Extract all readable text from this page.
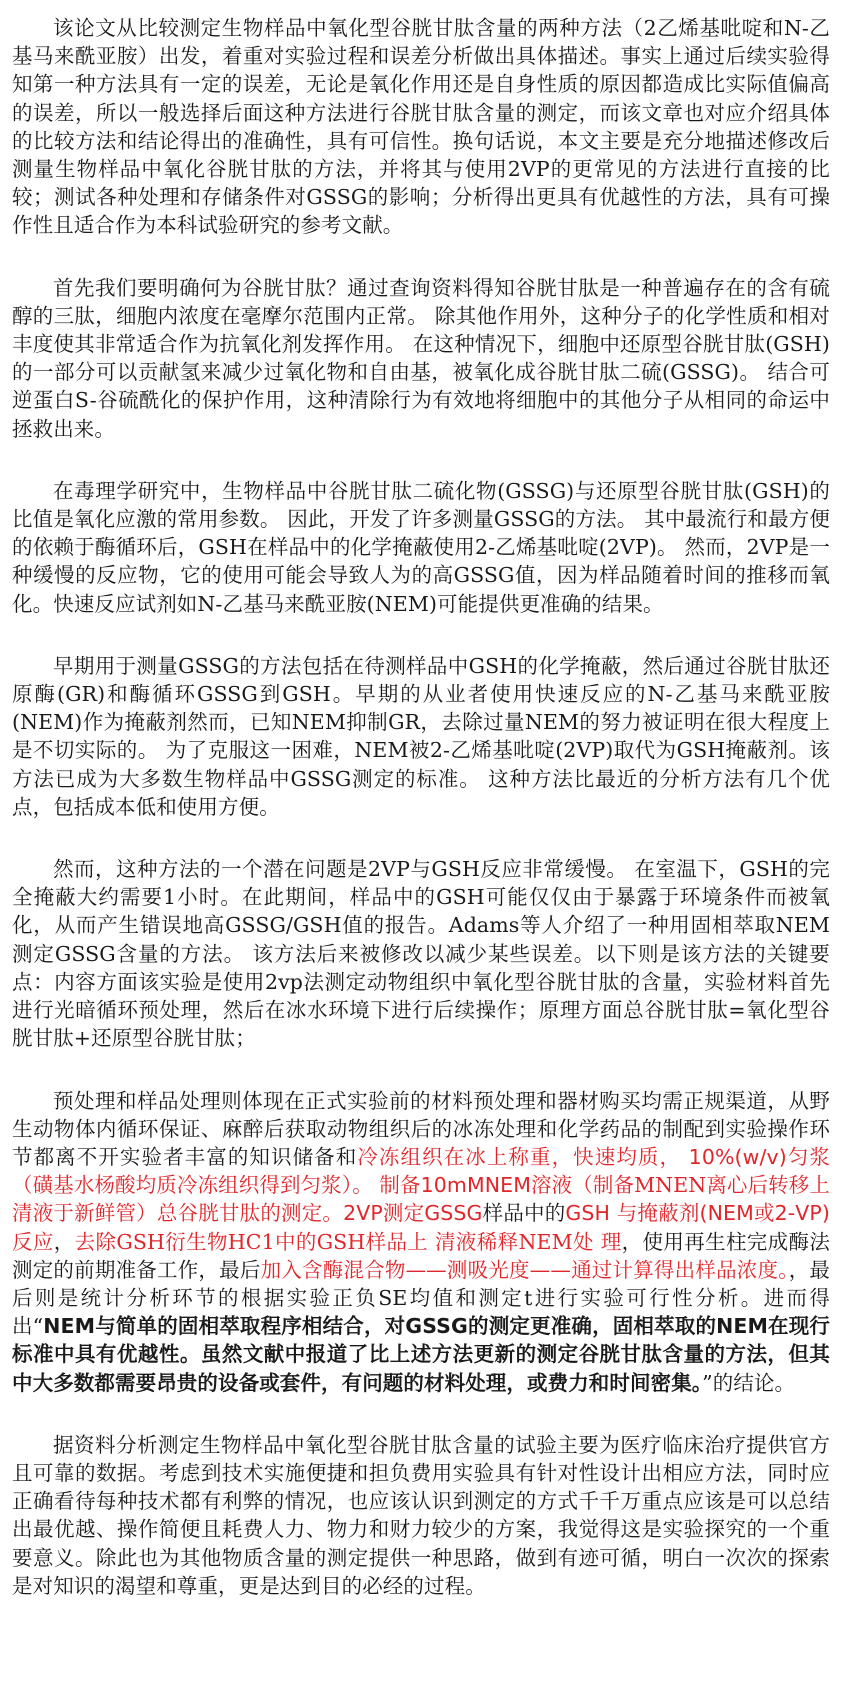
该论文从比较测定生物样品中氧化型谷胱甘肽含量的两种方法（2乙烯基吡啶和N-乙基马来酰亚胺）出发，着重对实验过程和误差分析做出具体描述。事实上通过后续实验得知第一种方法具有一定的误差，无论是氧化作用还是自身性质的原因都造成比实际值偏高的误差，所以一般选择后面这种方法进行谷胱甘肽含量的测定，而该文章也对应介绍具体的比较方法和结论得出的准确性，具有可信性。换句话说，本文主要是充分地描述修改后测量生物样品中氧化谷胱甘肽的方法，并将其与使用2VP的更常见的方法进行直接的比较；测试各种处理和存储条件对GSSG的影响；分析得出更具有优越性的方法，具有可操作性且适合作为本科试验研究的参考文献。

首先我们要明确何为谷胱甘肽？通过查询资料得知谷胱甘肽是一种普遍存在的含有硫醇的三肽，细胞内浓度在毫摩尔范围内正常。 除其他作用外，这种分子的化学性质和相对丰度使其非常适合作为抗氧化剂发挥作用。 在这种情况下，细胞中还原型谷胱甘肽(GSH)的一部分可以贡献氢来减少过氧化物和自由基，被氧化成谷胱甘肽二硫(GSSG)。 结合可逆蛋白S-谷硫酰化的保护作用，这种清除行为有效地将细胞中的其他分子从相同的命运中拯救出来。

在毒理学研究中，生物样品中谷胱甘肽二硫化物(GSSG)与还原型谷胱甘肽(GSH)的比值是氧化应激的常用参数。 因此，开发了许多测量GSSG的方法。 其中最流行和最方便的依赖于酶循环后，GSH在样品中的化学掩蔽使用2-乙烯基吡啶(2VP)。 然而，2VP是一种缓慢的反应物，它的使用可能会导致人为的高GSSG值，因为样品随着时间的推移而氧化。快速反应试剂如N-乙基马来酰亚胺(NEM)可能提供更准确的结果。

早期用于测量GSSG的方法包括在待测样品中GSH的化学掩蔽，然后通过谷胱甘肽还原酶(GR)和酶循环GSSG到GSH。早期的从业者使用快速反应的N-乙基马来酰亚胺(NEM)作为掩蔽剂然而，已知NEM抑制GR，去除过量NEM的努力被证明在很大程度上是不切实际的。 为了克服这一困难，NEM被2-乙烯基吡啶(2VP)取代为GSH掩蔽剂。该方法已成为大多数生物样品中GSSG测定的标准。 这种方法比最近的分析方法有几个优点，包括成本低和使用方便。

然而，这种方法的一个潜在问题是2VP与GSH反应非常缓慢。 在室温下，GSH的完全掩蔽大约需要1小时。在此期间，样品中的GSH可能仅仅由于暴露于环境条件而被氧化，从而产生错误地高GSSG/GSH值的报告。Adams等人介绍了一种用固相萃取NEM测定GSSG含量的方法。 该方法后来被修改以减少某些误差。以下则是该方法的关键要点：内容方面该实验是使用2vp法测定动物组织中氧化型谷胱甘肽的含量，实验材料首先进行光暗循环预处理，然后在冰水环境下进行后续操作；原理方面总谷胱甘肽=氧化型谷胱甘肽+还原型谷胱甘肽；

预处理和样品处理则体现在正式实验前的材料预处理和器材购买均需正规渠道，从野生动物体内循环保证、麻醉后获取动物组织后的冰冻处理和化学药品的制配到实验操作环节都离不开实验者丰富的知识储备和冷冻组织在冰上称重，快速均质， 10%(w/v)匀浆（磺基水杨酸均质冷冻组织得到匀浆）。 制备10mMNEM溶液（制备MNEN离心后转移上清液于新鲜管）总谷胱甘肽的测定。2VP测定GSSG样品中的GSH 与掩蔽剂(NEM或2-VP)反应，去除GSH衍生物HC1中的GSH样品上 清液稀释NEM处 理，使用再生柱完成酶法测定的前期准备工作，最后加入含酶混合物——测吸光度——通过计算得出样品浓度。，最后则是统计分析环节的根据实验正负SE均值和测定t进行实验可行性分析。进而得出“NEM与简单的固相萃取程序相结合，对GSSG的测定更准确，固相萃取的NEM在现行标准中具有优越性。虽然文献中报道了比上述方法更新的测定谷胱甘肽含量的方法，但其中大多数都需要昂贵的设备或套件，有问题的材料处理，或费力和时间密集。”的结论。

据资料分析测定生物样品中氧化型谷胱甘肽含量的试验主要为医疗临床治疗提供官方且可靠的数据。考虑到技术实施便捷和担负费用实验具有针对性设计出相应方法，同时应正确看待每种技术都有利弊的情况，也应该认识到测定的方式千千万重点应该是可以总结出最优越、操作简便且耗费人力、物力和财力较少的方案，我觉得这是实验探究的一个重要意义。除此也为其他物质含量的测定提供一种思路，做到有迹可循，明白一次次的探索是对知识的渴望和尊重，更是达到目的必经的过程。
